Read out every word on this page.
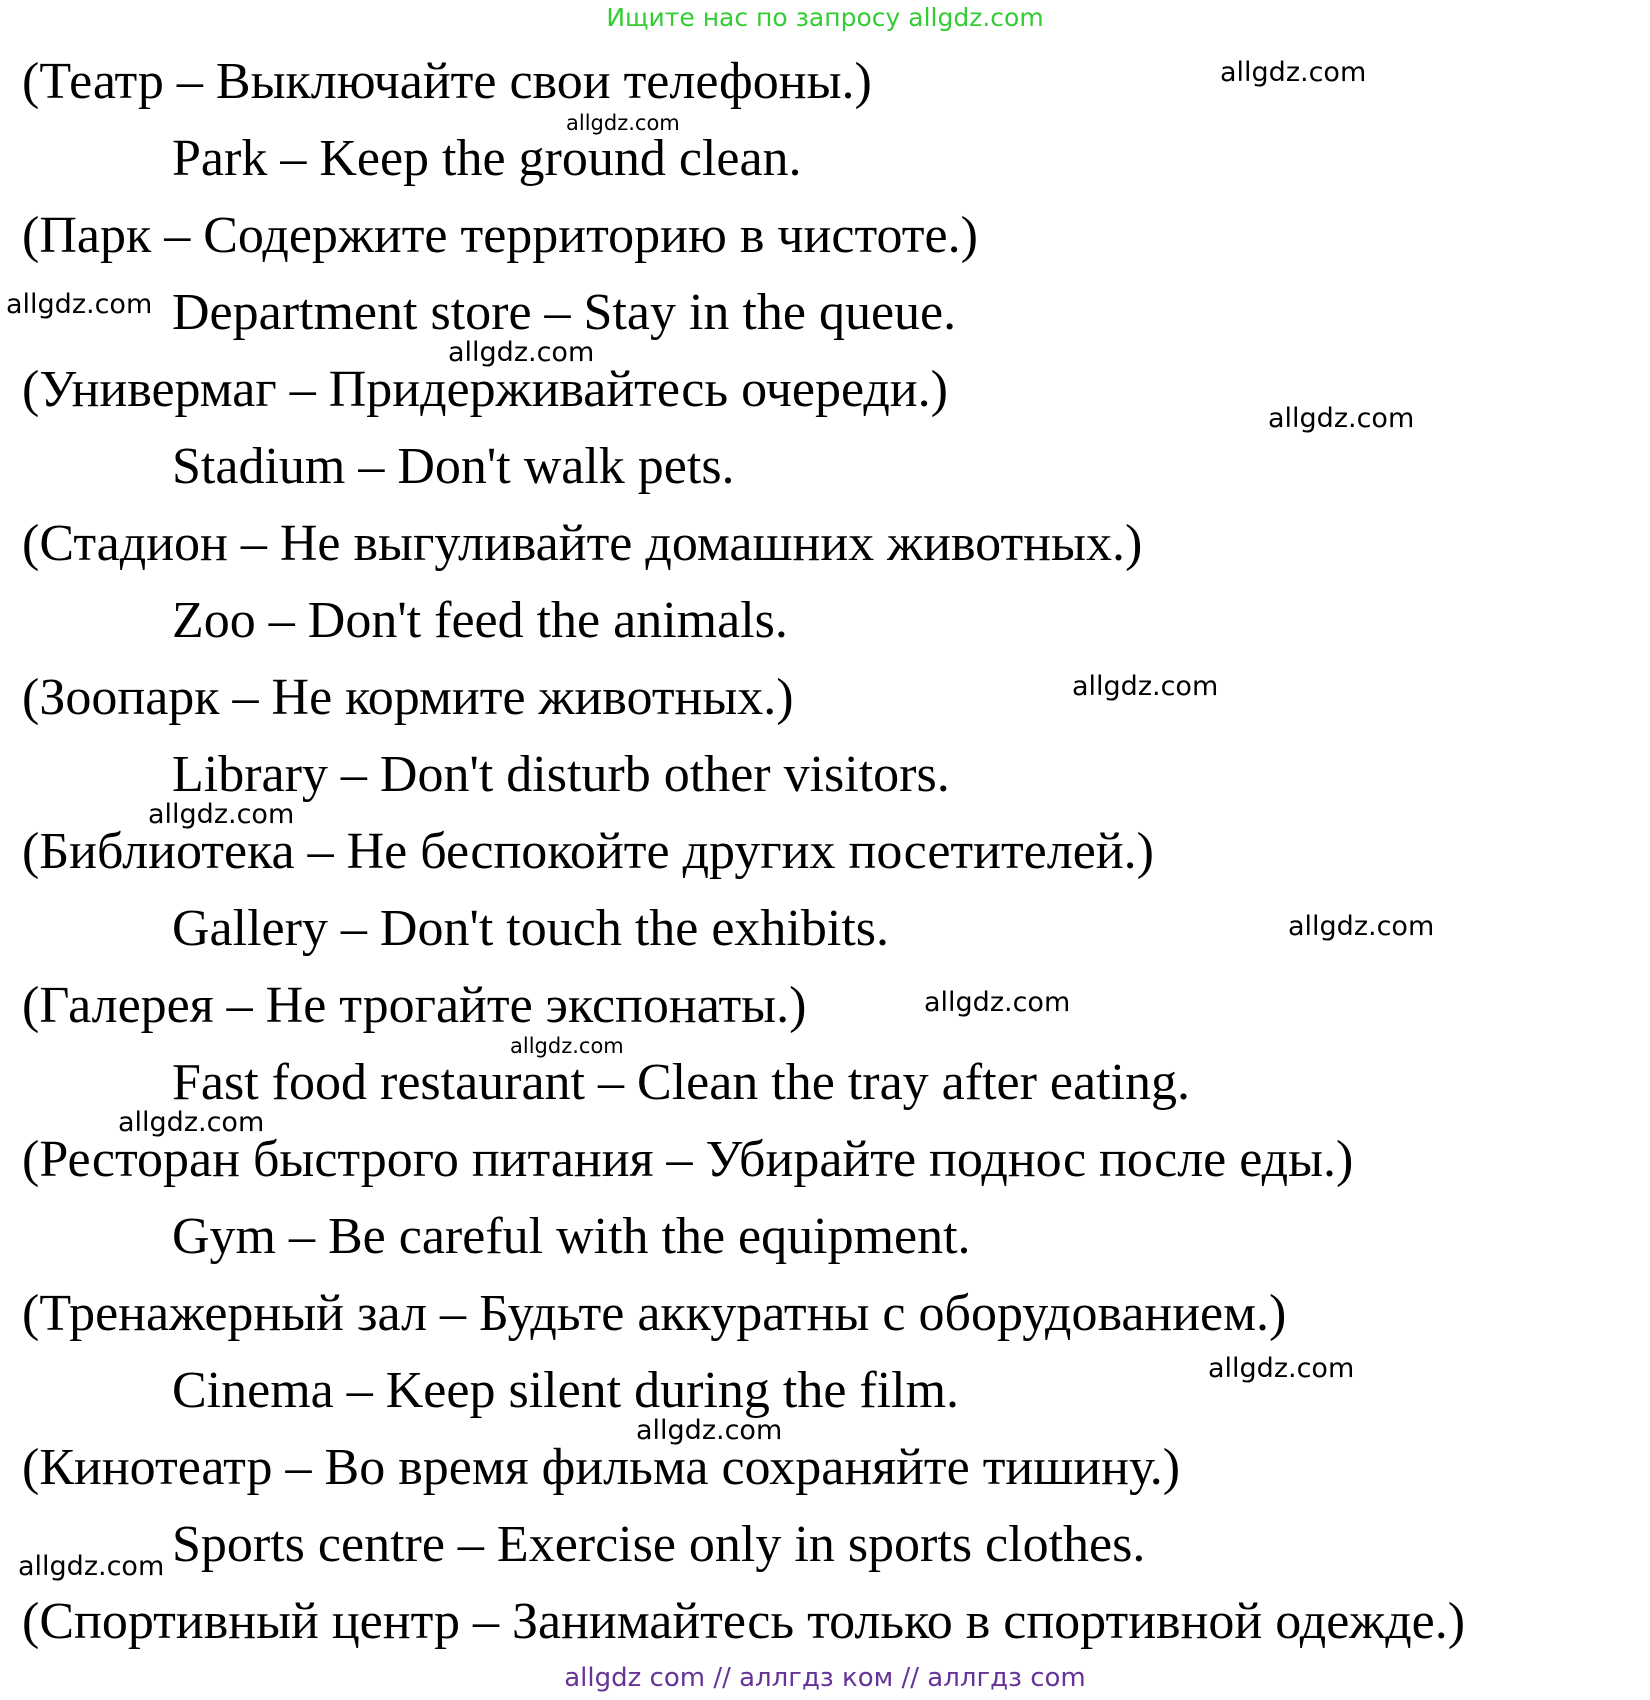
Ищите нас по запросу allgdz.com
(Театр – Выключайте свои телефоны.)
Park – Keep the ground clean.
(Парк – Содержите территорию в чистоте.)
Department store – Stay in the queue.
(Универмаг – Придерживайтесь очереди.)
Stadium – Don't walk pets.
(Стадион – Не выгуливайте домашних животных.)
Zoo – Don't feed the animals.
(Зоопарк – Не кормите животных.)
Library – Don't disturb other visitors.
(Библиотека – Не беспокойте других посетителей.)
Gallery – Don't touch the exhibits.
(Галерея – Не трогайте экспонаты.)
Fast food restaurant – Clean the tray after eating.
(Ресторан быстрого питания – Убирайте поднос после еды.)
Gym – Be careful with the equipment.
(Тренажерный зал – Будьте аккуратны с оборудованием.)
Cinema – Keep silent during the film.
(Кинотеатр – Во время фильма сохраняйте тишину.)
Sports centre – Exercise only in sports clothes.
(Спортивный центр – Занимайтесь только в спортивной одежде.)
allgdz.com
allgdz.com
allgdz.com
allgdz.com
allgdz.com
allgdz.com
allgdz.com
allgdz.com
allgdz.com
allgdz.com
allgdz.com
allgdz.com
allgdz.com
allgdz.com
allgdz com // аллгдз ком // аллгдз com
